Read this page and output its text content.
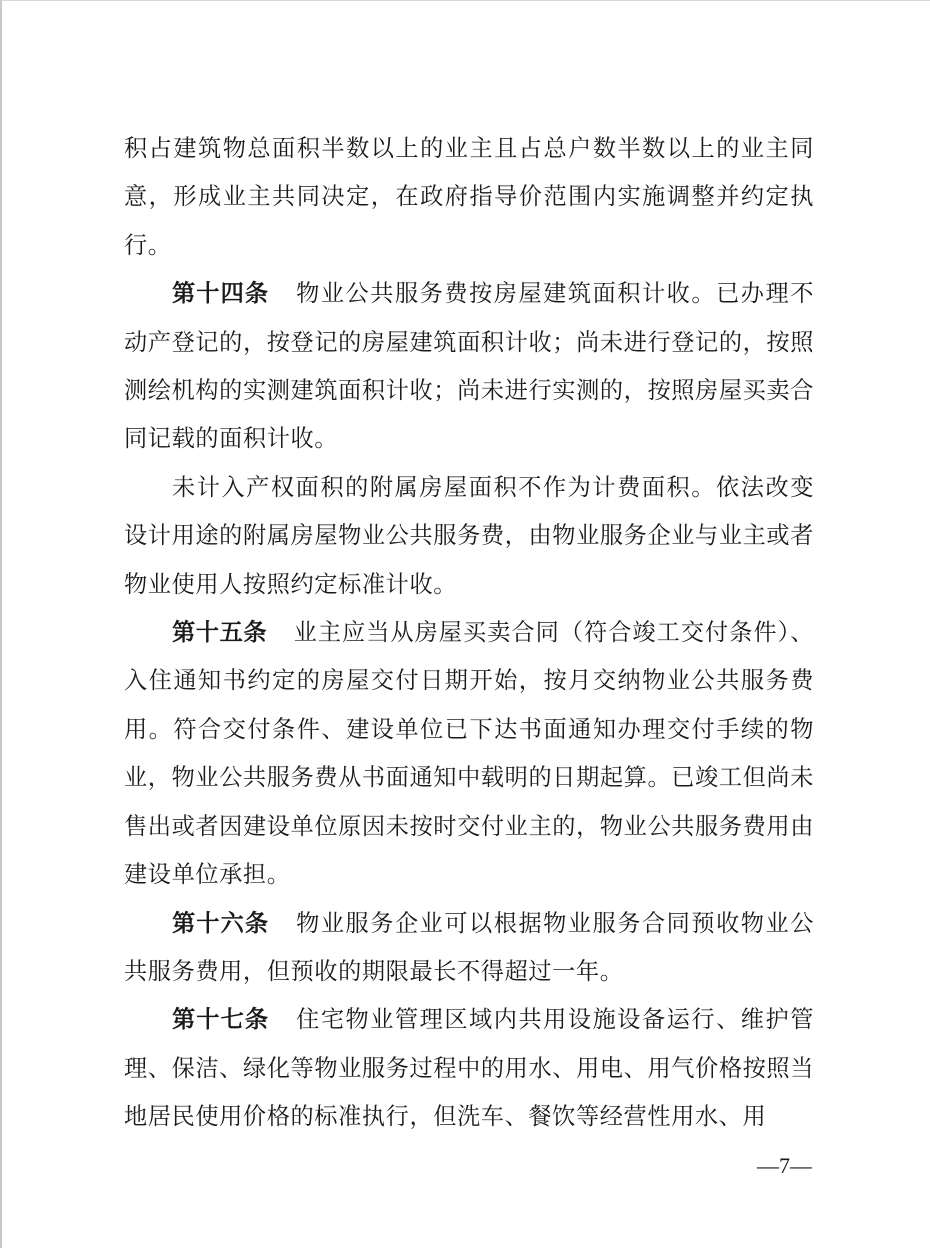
积占建筑物总面积半数以上的业主且占总户数半数以上的业主同意，形成业主共同决定，在政府指导价范围内实施调整并约定执行。

第十四条 物业公共服务费按房屋建筑面积计收。已办理不动产登记的，按登记的房屋建筑面积计收；尚未进行登记的，按照测绘机构的实测建筑面积计收；尚未进行实测的，按照房屋买卖合同记载的面积计收。

未计入产权面积的附属房屋面积不作为计费面积。依法改变设计用途的附属房屋物业公共服务费，由物业服务企业与业主或者物业使用人按照约定标准计收。

第十五条 业主应当从房屋买卖合同（符合竣工交付条件）、入住通知书约定的房屋交付日期开始，按月交纳物业公共服务费用。符合交付条件、建设单位已下达书面通知办理交付手续的物业，物业公共服务费从书面通知中载明的日期起算。已竣工但尚未售出或者因建设单位原因未按时交付业主的，物业公共服务费用由建设单位承担。

第十六条 物业服务企业可以根据物业服务合同预收物业公共服务费用，但预收的期限最长不得超过一年。

第十七条 住宅物业管理区域内共用设施设备运行、维护管理、保洁、绿化等物业服务过程中的用水、用电、用气价格按照当地居民使用价格的标准执行，但洗车、餐饮等经营性用水、用

—7—
